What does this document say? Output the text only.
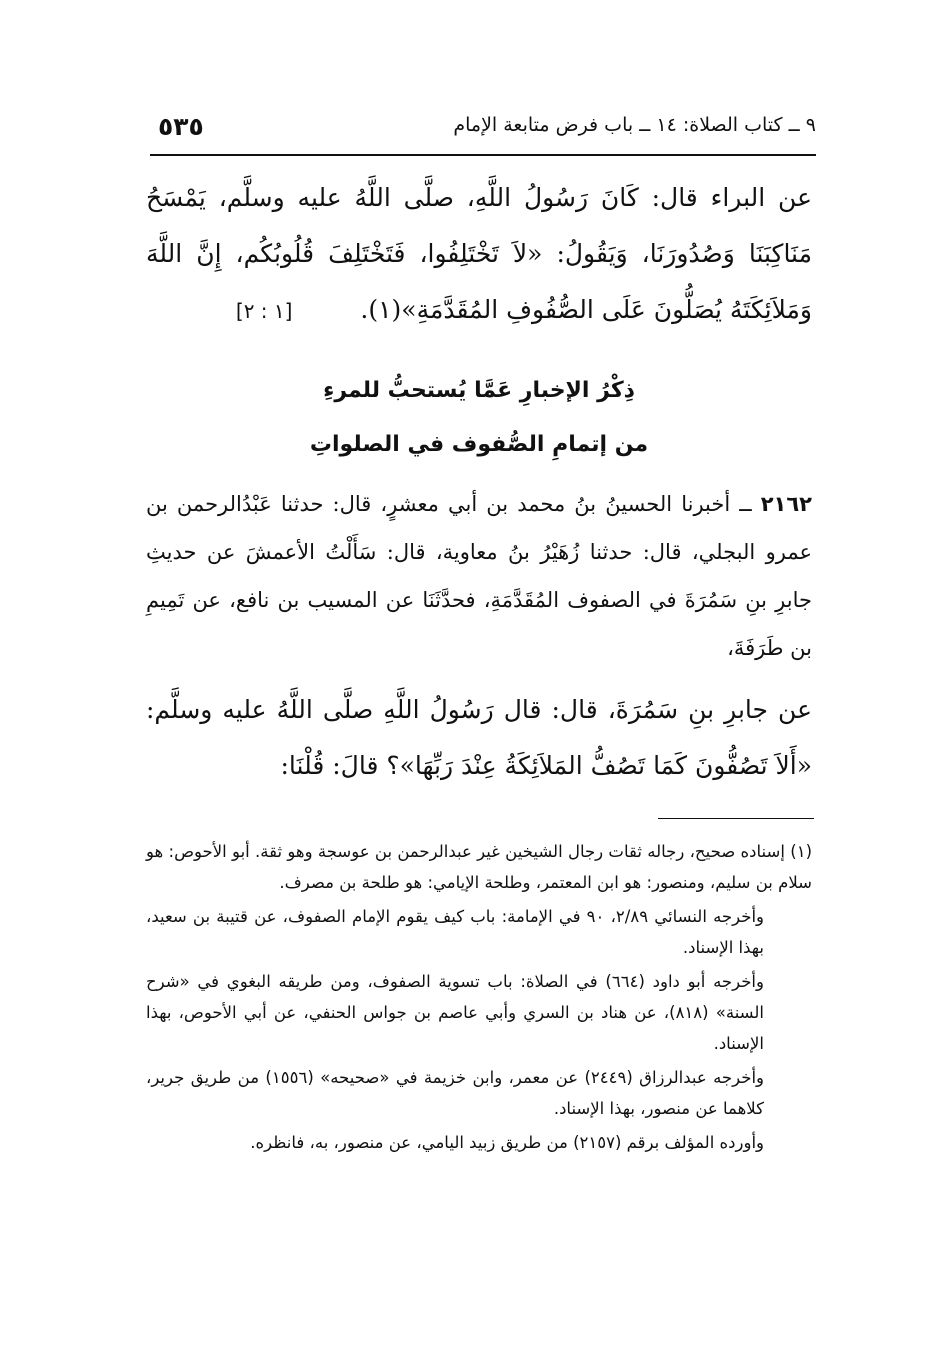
٥٣٥	٩ ــ كتاب الصلاة: ١٤ ــ باب فرض متابعة الإمام
عن البراء قال: كَانَ رَسُولُ اللَّهِ، صلَّى اللَّهُ عليه وسلَّم، يَمْسَحُ مَنَاكِبَنَا وَصُدُورَنَا، وَيَقُولُ: «لاَ تَخْتَلِفُوا، فَتَخْتَلِفَ قُلُوبُكُم، إِنَّ اللَّهَ وَمَلاَئِكَتَهُ يُصَلُّونَ عَلَى الصُّفُوفِ المُقَدَّمَةِ»(١). [١ : ٢]
ذِكْرُ الإخبارِ عَمَّا يُستحبُّ للمرءِ
من إتمامِ الصُّفوف في الصلواتِ
٢١٦٢ ــ أخبرنا الحسينُ بنُ محمد بن أبي معشرٍ، قال: حدثنا عَبْدُالرحمن بن عمرو البجلي، قال: حدثنا زُهَيْرُ بنُ معاوية، قال: سَأَلْتُ الأعمشَ عن حديثِ جابرِ بنِ سَمُرَةَ في الصفوف المُقَدَّمَةِ، فحدَّثَنَا عن المسيب بن نافع، عن تَمِيمِ بن طَرَفَةَ،
عن جابرِ بنِ سَمُرَةَ، قال: قال رَسُولُ اللَّهِ صلَّى اللَّهُ عليه وسلَّم: «أَلاَ تَصُفُّونَ كَمَا تَصُفُّ المَلاَئِكَةُ عِنْدَ رَبِّهَا»؟ قالَ: قُلْنَا:
(١) إسناده صحيح، رجاله ثقات رجال الشيخين غير عبدالرحمن بن عوسجة وهو ثقة. أبو الأحوص: هو سلام بن سليم، ومنصور: هو ابن المعتمر، وطلحة الإيامي: هو طلحة بن مصرف.
وأخرجه النسائي ٢/٨٩، ٩٠ في الإمامة: باب كيف يقوم الإمام الصفوف، عن قتيبة بن سعيد، بهذا الإسناد.
وأخرجه أبو داود (٦٦٤) في الصلاة: باب تسوية الصفوف، ومن طريقه البغوي في «شرح السنة» (٨١٨)، عن هناد بن السري وأبي عاصم بن جواس الحنفي، عن أبي الأحوص، بهذا الإسناد.
وأخرجه عبدالرزاق (٢٤٤٩) عن معمر، وابن خزيمة في «صحيحه» (١٥٥٦) من طريق جرير، كلاهما عن منصور، بهذا الإسناد.
وأورده المؤلف برقم (٢١٥٧) من طريق زبيد اليامي، عن منصور، به، فانظره.
